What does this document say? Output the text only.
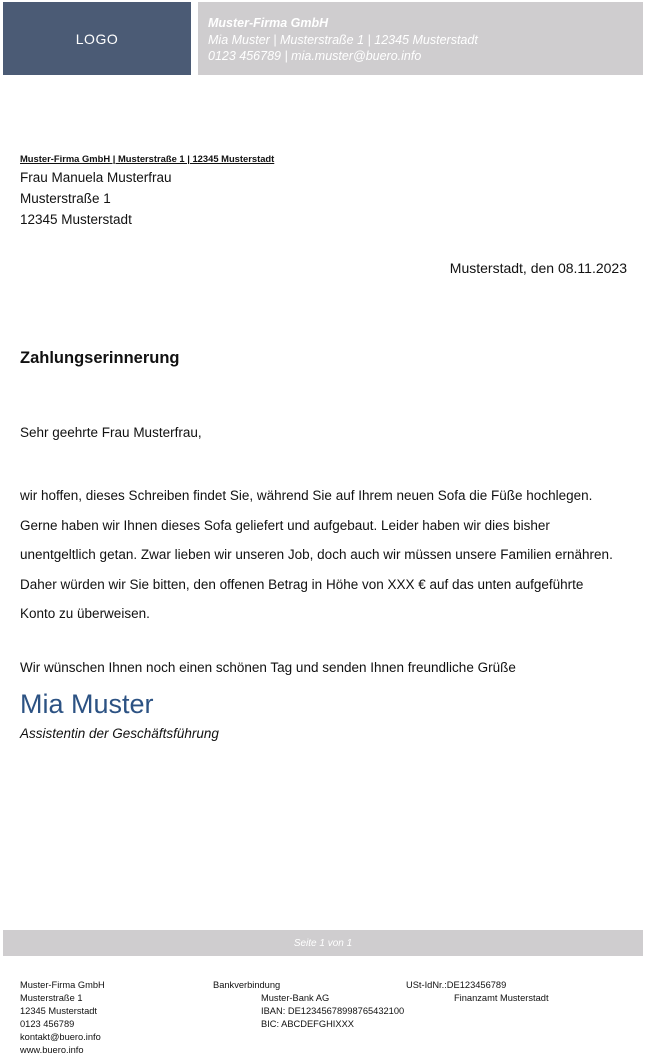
LOGO
Muster-Firma GmbH
Mia Muster | Musterstraße 1 | 12345 Musterstadt
0123 456789 | mia.muster@buero.info
Muster-Firma GmbH | Musterstraße 1 | 12345 Musterstadt
Frau Manuela Musterfrau
Musterstraße 1
12345 Musterstadt
Musterstadt, den 08.11.2023
Zahlungserinnerung
Sehr geehrte Frau Musterfrau,

wir hoffen, dieses Schreiben findet Sie, während Sie auf Ihrem neuen Sofa die Füße hochlegen. Gerne haben wir Ihnen dieses Sofa geliefert und aufgebaut. Leider haben wir dies bisher unentgeltlich getan. Zwar lieben wir unseren Job, doch auch wir müssen unsere Familien ernähren. Daher würden wir Sie bitten, den offenen Betrag in Höhe von XXX € auf das unten aufgeführte Konto zu überweisen.

Wir wünschen Ihnen noch einen schönen Tag und senden Ihnen freundliche Grüße
Mia Muster
Assistentin der Geschäftsführung
Seite 1 von 1
Muster-Firma GmbH
Musterstraße 1
12345 Musterstadt
0123 456789
kontakt@buero.info
www.buero.info
Bankverbindung
Muster-Bank AG
IBAN: DE12345678998765432100
BIC: ABCDEFGHIXXX
USt-IdNr.:DE123456789
Finanzamt Musterstadt
